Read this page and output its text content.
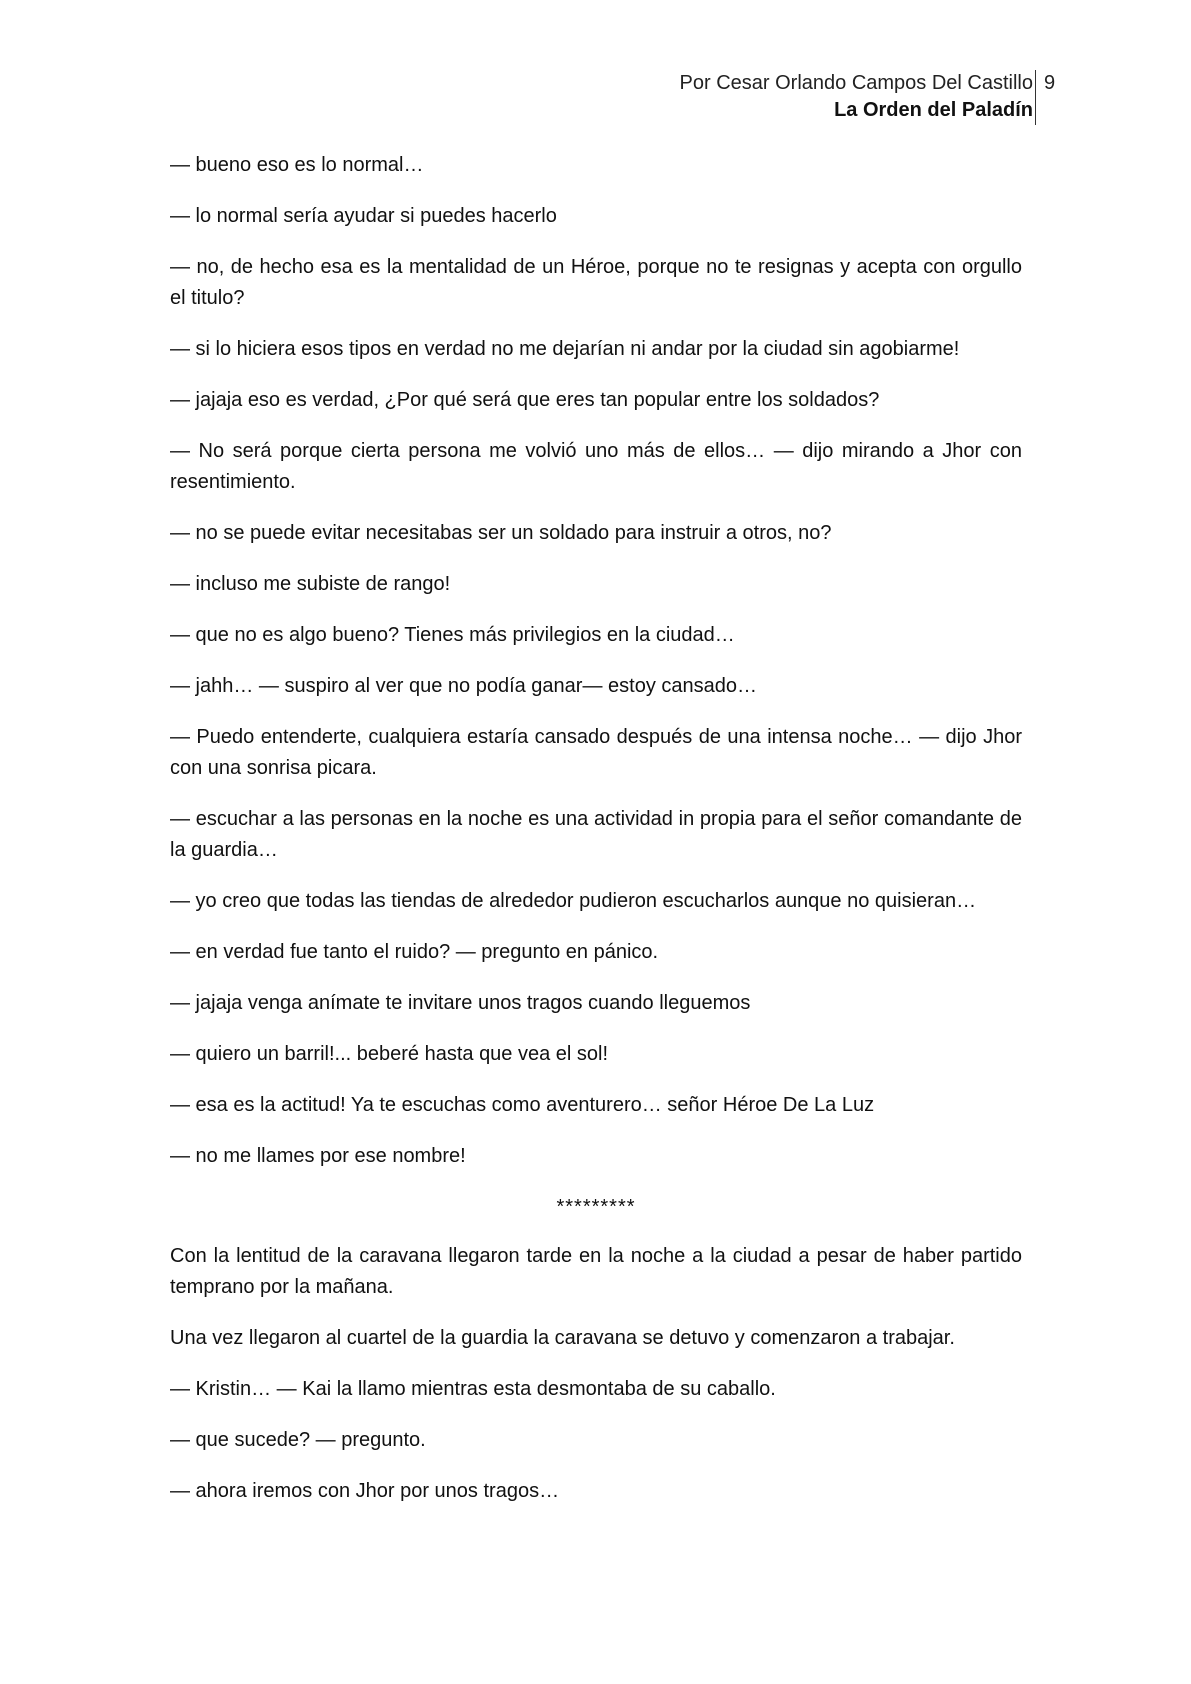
Por Cesar Orlando Campos Del Castillo
La Orden del Paladín
9

— bueno eso es lo normal…

— lo normal sería ayudar si puedes hacerlo

— no, de hecho esa es la mentalidad de un Héroe, porque no te resignas y acepta con orgullo el titulo?

— si lo hiciera esos tipos en verdad no me dejarían ni andar por la ciudad sin agobiarme!

— jajaja eso es verdad, ¿Por qué será que eres tan popular entre los soldados?

— No será porque cierta persona me volvió uno más de ellos… — dijo mirando a Jhor con resentimiento.

— no se puede evitar necesitabas ser un soldado para instruir a otros, no?

— incluso me subiste de rango!

— que no es algo bueno? Tienes más privilegios en la ciudad…

— jahh… — suspiro al ver que no podía ganar— estoy cansado…

— Puedo entenderte, cualquiera estaría cansado después de una intensa noche… — dijo Jhor con una sonrisa picara.

— escuchar a las personas en la noche es una actividad in propia para el señor comandante de la guardia…

— yo creo que todas las tiendas de alrededor pudieron escucharlos aunque no quisieran…

— en verdad fue tanto el ruido? — pregunto en pánico.

— jajaja venga anímate te invitare unos tragos cuando lleguemos

— quiero un barril!... beberé hasta que vea el sol!

— esa es la actitud! Ya te escuchas como aventurero… señor Héroe De La Luz

— no me llames por ese nombre!

*********

Con la lentitud de la caravana llegaron tarde en la noche a la ciudad a pesar de haber partido temprano por la mañana.

Una vez llegaron al cuartel de la guardia la caravana se detuvo y comenzaron a trabajar.

— Kristin… — Kai la llamo mientras esta desmontaba de su caballo.

— que sucede? — pregunto.

— ahora iremos con Jhor por unos tragos…
